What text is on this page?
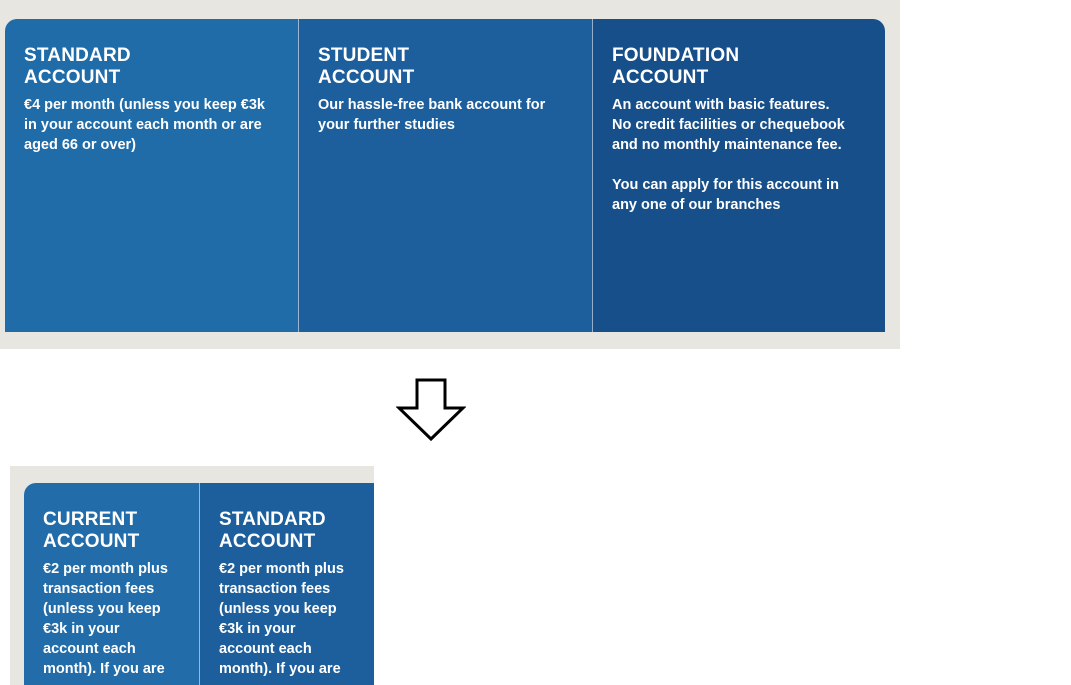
STANDARD
ACCOUNT
€4 per month (unless you keep €3k
in your account each month or are
aged 66 or over)
STUDENT
ACCOUNT
Our hassle-free bank account for
your further studies
FOUNDATION
ACCOUNT
An account with basic features.
No credit facilities or chequebook
and no monthly maintenance fee.
You can apply for this account in
any one of our branches
CURRENT
ACCOUNT
€2 per month plus
transaction fees
(unless you keep
€3k in your
account each
month). If you are
STANDARD
ACCOUNT
€2 per month plus
transaction fees
(unless you keep
€3k in your
account each
month). If you are
